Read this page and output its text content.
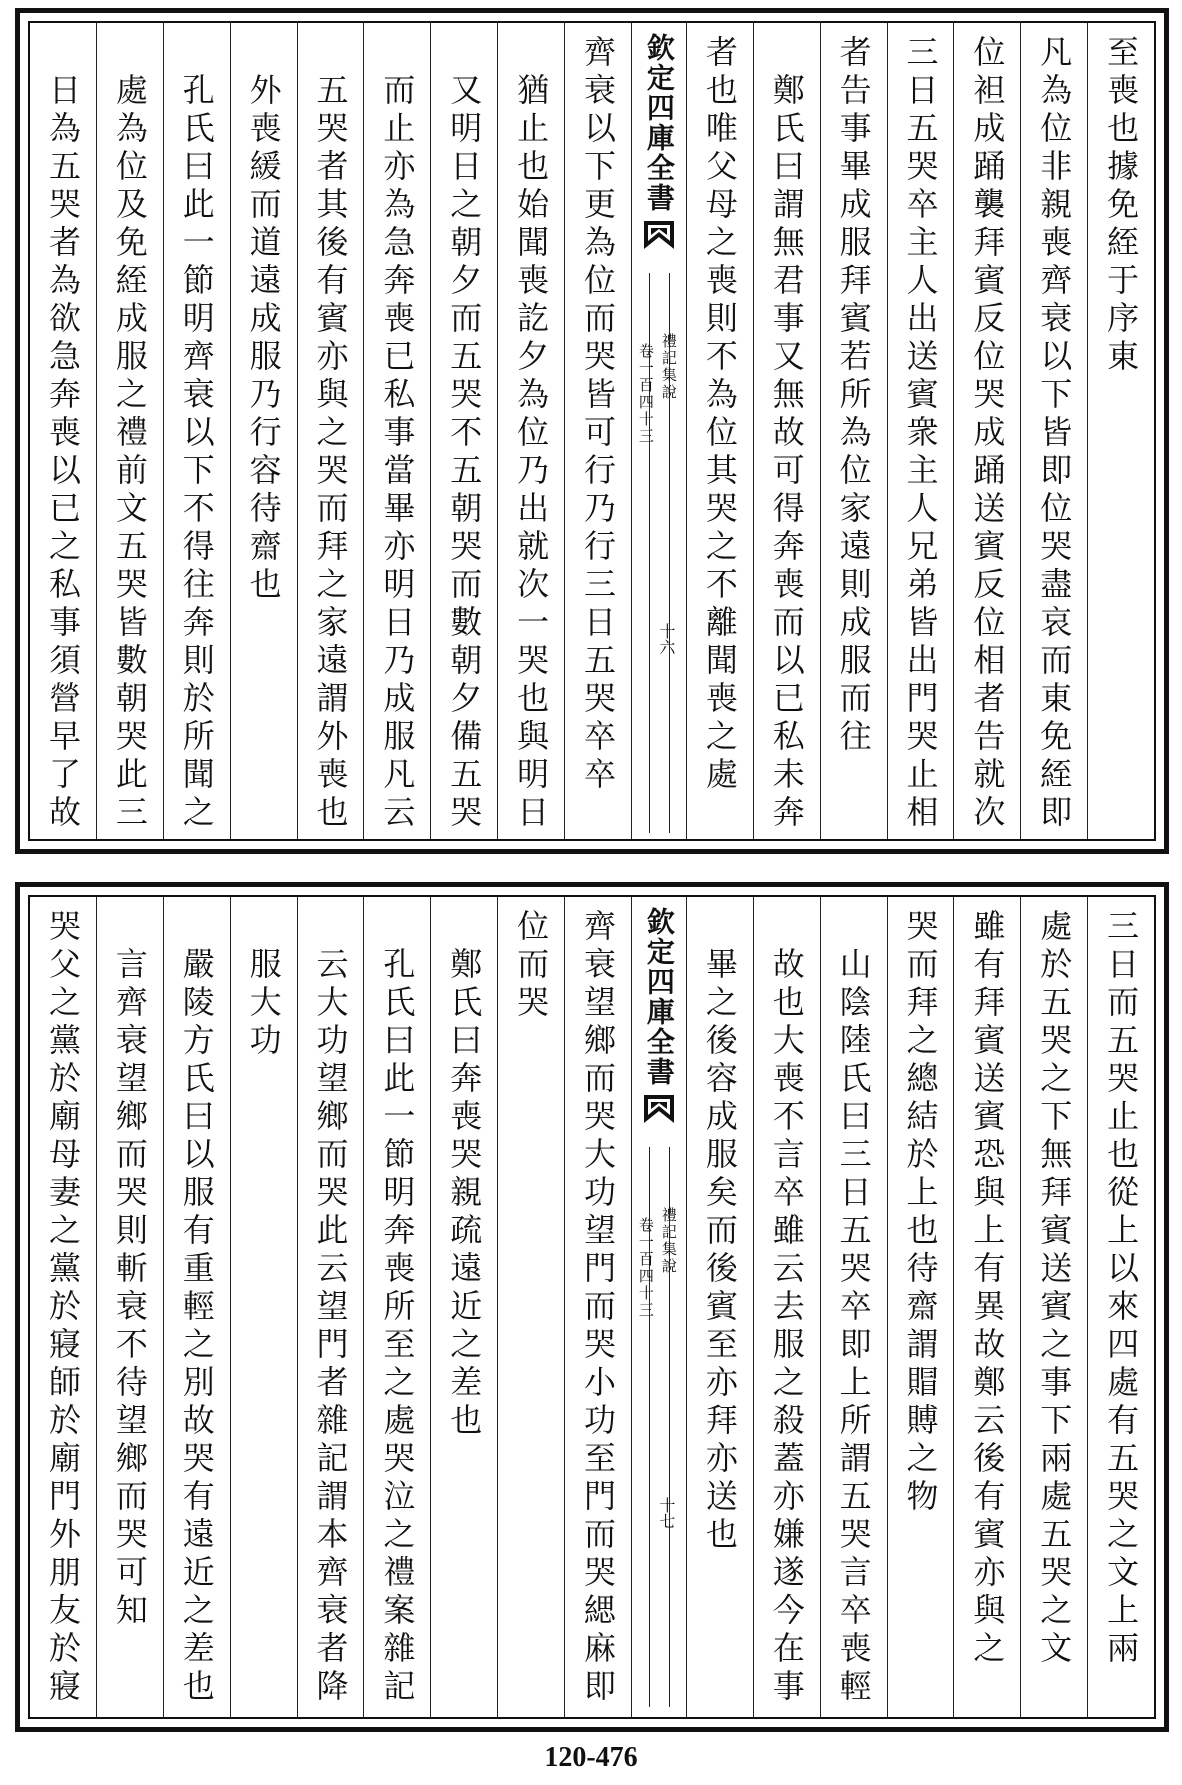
至喪也據免絰于序東
凡為位非親喪齊衰以下皆即位哭盡哀而東免絰即
位袒成踊襲拜賓反位哭成踊送賓反位相者告就次
三日五哭卒主人出送賓衆主人兄弟皆出門哭止相
者告事畢成服拜賓若所為位家遠則成服而往
鄭氏曰謂無君事又無故可得奔喪而以已私未奔
者也唯父母之喪則不為位其哭之不離聞喪之處
欽定四庫全書
禮記集說
卷一百四十三
十六
齊衰以下更為位而哭皆可行乃行三日五哭卒卒
猶止也始聞喪訖夕為位乃出就次一哭也與明日
又明日之朝夕而五哭不五朝哭而數朝夕備五哭
而止亦為急奔喪已私事當畢亦明日乃成服凡云
五哭者其後有賓亦與之哭而拜之家遠謂外喪也
外喪緩而道遠成服乃行容待齋也
孔氏曰此一節明齊衰以下不得往奔則於所聞之
處為位及免絰成服之禮前文五哭皆數朝哭此三
日為五哭者為欲急奔喪以已之私事須營早了故
三日而五哭止也從上以來四處有五哭之文上兩
處於五哭之下無拜賓送賓之事下兩處五哭之文
雖有拜賓送賓恐與上有異故鄭云後有賓亦與之
哭而拜之總結於上也待齋謂賵賻之物
山陰陸氏曰三日五哭卒即上所謂五哭言卒喪輕
故也大喪不言卒雖云去服之殺蓋亦嫌遂今在事
畢之後容成服矣而後賓至亦拜亦送也
欽定四庫全書
禮記集說
卷一百四十三
十七
齊衰望鄉而哭大功望門而哭小功至門而哭緦麻即
位而哭
鄭氏曰奔喪哭親疏遠近之差也
孔氏曰此一節明奔喪所至之處哭泣之禮案雜記
云大功望鄉而哭此云望門者雜記謂本齊衰者降
服大功
嚴陵方氏曰以服有重輕之別故哭有遠近之差也
言齊衰望鄉而哭則斬衰不待望鄉而哭可知
哭父之黨於廟母妻之黨於寢師於廟門外朋友於寢
120-476
